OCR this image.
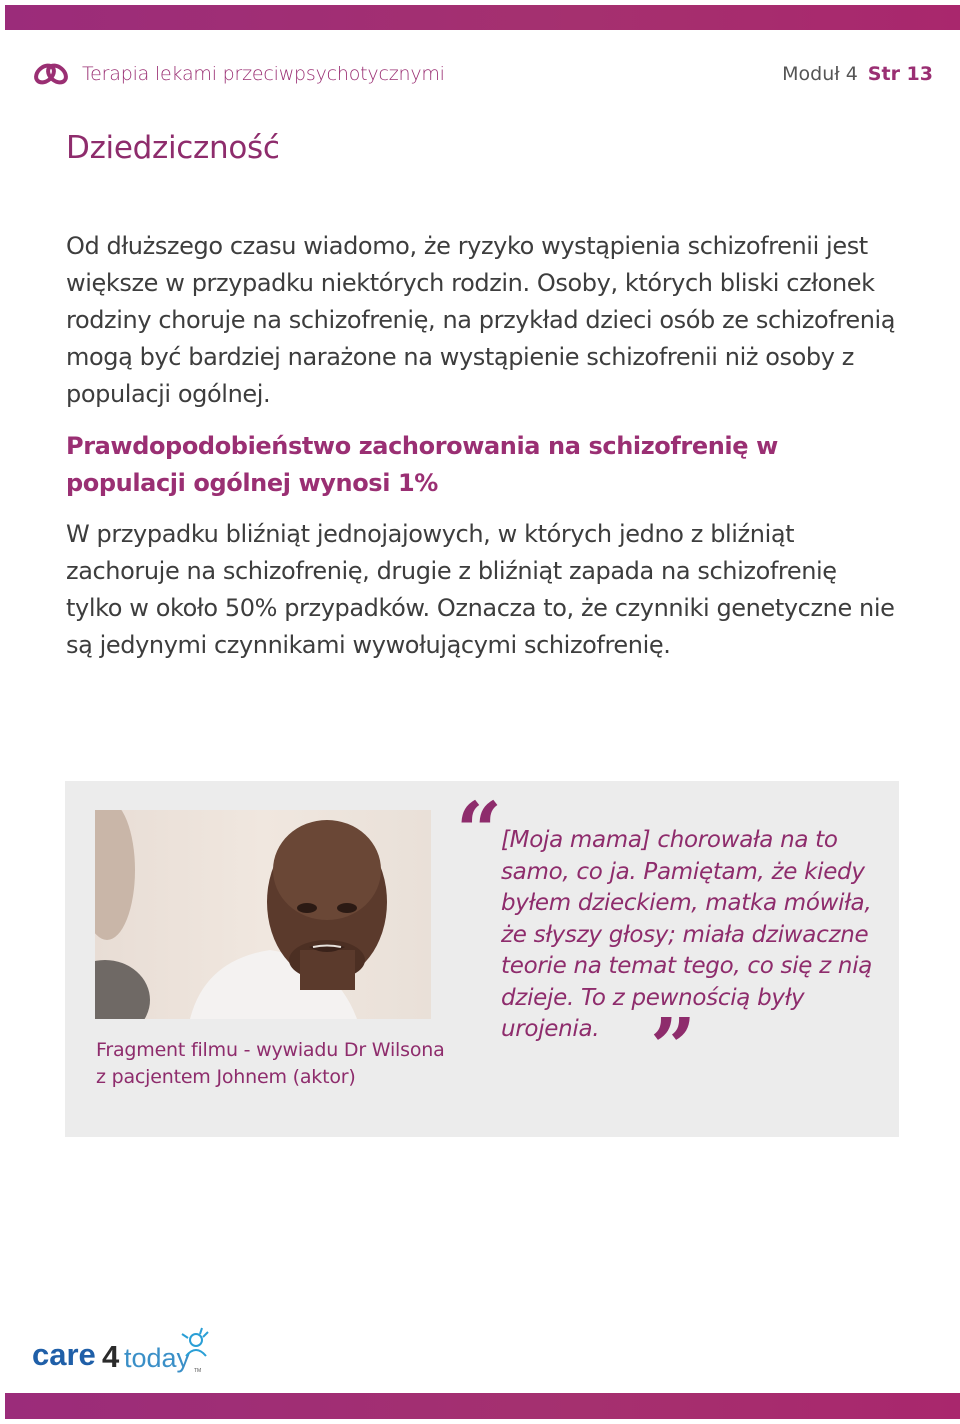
Terapia lekami przeciwpsychotycznymi	Moduł 4 Str 13
Dziedziczność

Od dłuższego czasu wiadomo, że ryzyko wystąpienia schizofrenii jest większe w przypadku niektórych rodzin. Osoby, których bliski członek rodziny choruje na schizofrenię, na przykład dzieci osób ze schizofrenią mogą być bardziej narażone na wystąpienie schizofrenii niż osoby z populacji ogólnej.

Prawdopodobieństwo zachorowania na schizofrenię w populacji ogólnej wynosi 1%

W przypadku bliźniąt jednojajowych, w których jedno z bliźniąt zachoruje na schizofrenię, drugie z bliźniąt zapada na schizofrenię tylko w około 50% przypadków. Oznacza to, że czynniki genetyczne nie są jedynymi czynnikami wywołującymi schizofrenię.

Fragment filmu - wywiadu Dr Wilsona z pacjentem Johnem (aktor)
“
[Moja mama] chorowała na to samo, co ja. Pamiętam, że kiedy byłem dzieckiem, matka mówiła, że słyszy głosy; miała dziwaczne teorie na temat tego, co się z nią dzieje. To z pewnością były urojenia. ”
care 4 today TM
